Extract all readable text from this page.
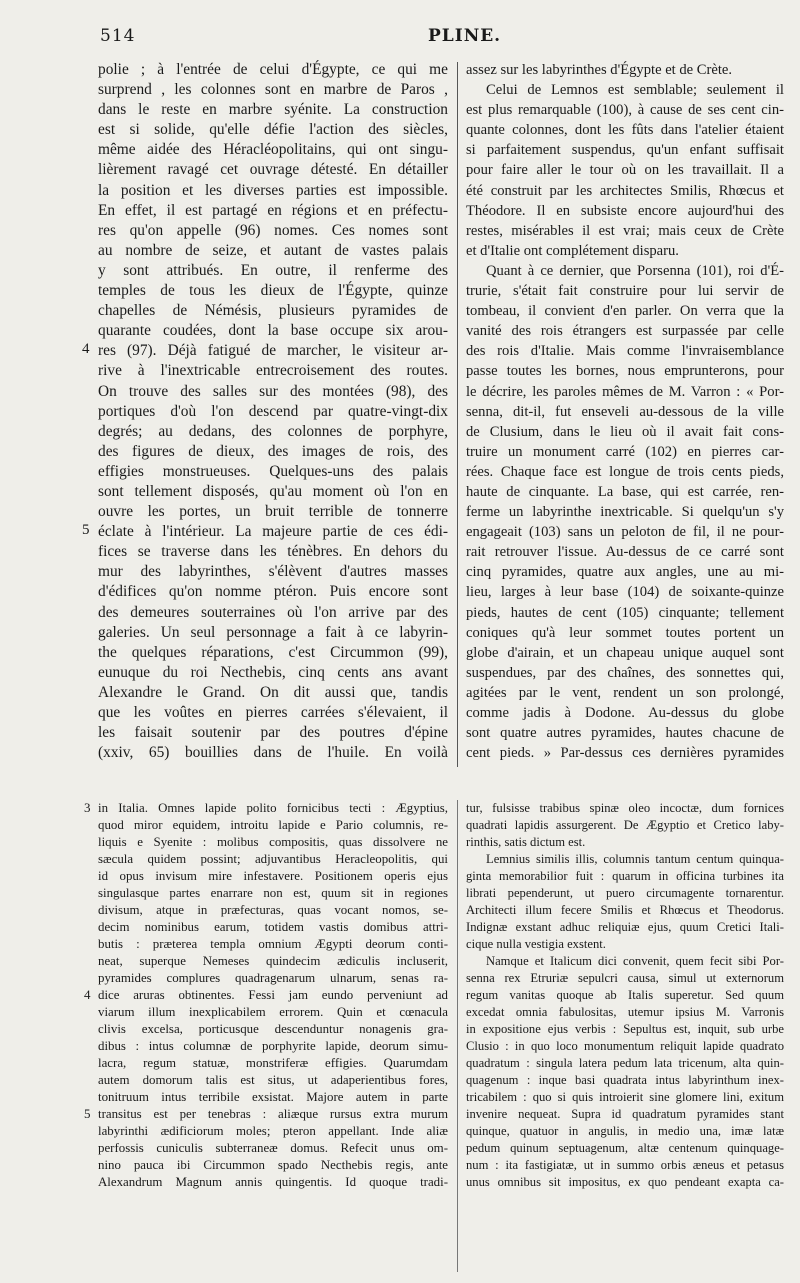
514	PLINE.

polie ; à l'entrée de celui d'Égypte, ce qui me

surprend , les colonnes sont en marbre de Paros ,

dans le reste en marbre syénite. La construction

est si solide, qu'elle défie l'action des siècles,

même aidée des Héracléopolitains, qui ont singu-

lièrement ravagé cet ouvrage détesté. En détailler

la position et les diverses parties est impossible.

En effet, il est partagé en régions et en préfectu-

res qu'on appelle (96) nomes. Ces nomes sont

au nombre de seize, et autant de vastes palais

y sont attribués. En outre, il renferme des

temples de tous les dieux de l'Égypte, quinze

chapelles de Némésis, plusieurs pyramides de

quarante coudées, dont la base occupe six arou-

res (97). Déjà fatigué de marcher, le visiteur ar-

rive à l'inextricable entrecroisement des routes.

On trouve des salles sur des montées (98), des

portiques d'où l'on descend par quatre-vingt-dix

degrés; au dedans, des colonnes de porphyre,

des figures de dieux, des images de rois, des

effigies monstrueuses. Quelques-uns des palais

sont tellement disposés, qu'au moment où l'on en

ouvre les portes, un bruit terrible de tonnerre

éclate à l'intérieur. La majeure partie de ces édi-

fices se traverse dans les ténèbres. En dehors du

mur des labyrinthes, s'élèvent d'autres masses

d'édifices qu'on nomme ptéron. Puis encore sont

des demeures souterraines où l'on arrive par des

galeries. Un seul personnage a fait à ce labyrin-

the quelques réparations, c'est Circummon (99),

eunuque du roi Necthebis, cinq cents ans avant

Alexandre le Grand. On dit aussi que, tandis

que les voûtes en pierres carrées s'élevaient, il

les faisait soutenir par des poutres d'épine

(xxiv, 65) bouillies dans de l'huile. En voilà

4
5

assez sur les labyrinthes d'Égypte et de Crète.

Celui de Lemnos est semblable; seulement il

est plus remarquable (100), à cause de ses cent cin-

quante colonnes, dont les fûts dans l'atelier étaient

si parfaitement suspendus, qu'un enfant suffisait

pour faire aller le tour où on les travaillait. Il a

été construit par les architectes Smilis, Rhœcus et

Théodore. Il en subsiste encore aujourd'hui des

restes, misérables il est vrai; mais ceux de Crète

et d'Italie ont complétement disparu.

Quant à ce dernier, que Porsenna (101), roi d'É-

trurie, s'était fait construire pour lui servir de

tombeau, il convient d'en parler. On verra que la

vanité des rois étrangers est surpassée par celle

des rois d'Italie. Mais comme l'invraisemblance

passe toutes les bornes, nous emprunterons, pour

le décrire, les paroles mêmes de M. Varron : « Por-

senna, dit-il, fut enseveli au-dessous de la ville

de Clusium, dans le lieu où il avait fait cons-

truire un monument carré (102) en pierres car-

rées. Chaque face est longue de trois cents pieds,

haute de cinquante. La base, qui est carrée, ren-

ferme un labyrinthe inextricable. Si quelqu'un s'y

engageait (103) sans un peloton de fil, il ne pour-

rait retrouver l'issue. Au-dessus de ce carré sont

cinq pyramides, quatre aux angles, une au mi-

lieu, larges à leur base (104) de soixante-quinze

pieds, hautes de cent (105) cinquante; tellement

coniques qu'à leur sommet toutes portent un

globe d'airain, et un chapeau unique auquel sont

suspendues, par des chaînes, des sonnettes qui,

agitées par le vent, rendent un son prolongé,

comme jadis à Dodone. Au-dessus du globe

sont quatre autres pyramides, hautes chacune de

cent pieds. » Par-dessus ces dernières pyramides

in Italia. Omnes lapide polito fornicibus tecti : Ægyptius,

quod miror equidem, introitu lapide e Pario columnis, re-

liquis e Syenite : molibus compositis, quas dissolvere ne

sæcula quidem possint; adjuvantibus Heracleopolitis, qui

id opus invisum mire infestavere. Positionem operis ejus

singulasque partes enarrare non est, quum sit in regiones

divisum, atque in præfecturas, quas vocant nomos, se-

decim nominibus earum, totidem vastis domibus attri-

butis : præterea templa omnium Ægypti deorum conti-

neat, superque Nemeses quindecim ædiculis incluserit,

pyramides complures quadragenarum ulnarum, senas ra-

dice aruras obtinentes. Fessi jam eundo perveniunt ad

viarum illum inexplicabilem errorem. Quin et cœnacula

clivis excelsa, porticusque descenduntur nonagenis gra-

dibus : intus columnæ de porphyrite lapide, deorum simu-

lacra, regum statuæ, monstriferæ effigies. Quarumdam

autem domorum talis est situs, ut adaperientibus fores,

tonitruum intus terribile exsistat. Majore autem in parte

transitus est per tenebras : aliæque rursus extra murum

labyrinthi ædificiorum moles; pteron appellant. Inde aliæ

perfossis cuniculis subterraneæ domus. Refecit unus om-

nino pauca ibi Circummon spado Necthebis regis, ante

Alexandrum Magnum annis quingentis. Id quoque tradi-

3
4
5

tur, fulsisse trabibus spinæ oleo incoctæ, dum fornices

quadrati lapidis assurgerent. De Ægyptio et Cretico laby-

rinthis, satis dictum est.

Lemnius similis illis, columnis tantum centum quinqua-

ginta memorabilior fuit : quarum in officina turbines ita

librati pependerunt, ut puero circumagente tornarentur.

Architecti illum fecere Smilis et Rhœcus et Theodorus.

Indignæ exstant adhuc reliquiæ ejus, quum Cretici Itali-

cique nulla vestigia exstent.

Namque et Italicum dici convenit, quem fecit sibi Por-

senna rex Etruriæ sepulcri causa, simul ut externorum

regum vanitas quoque ab Italis superetur. Sed quum

excedat omnia fabulositas, utemur ipsius M. Varronis

in expositione ejus verbis : Sepultus est, inquit, sub urbe

Clusio : in quo loco monumentum reliquit lapide quadrato

quadratum : singula latera pedum lata tricenum, alta quin-

quagenum : inque basi quadrata intus labyrinthum inex-

tricabilem : quo si quis introierit sine glomere lini, exitum

invenire nequeat. Supra id quadratum pyramides stant

quinque, quatuor in angulis, in medio una, imæ latæ

pedum quinum septuagenum, altæ centenum quinquage-

num : ita fastigiatæ, ut in summo orbis æneus et petasus

unus omnibus sit impositus, ex quo pendeant exapta ca-
